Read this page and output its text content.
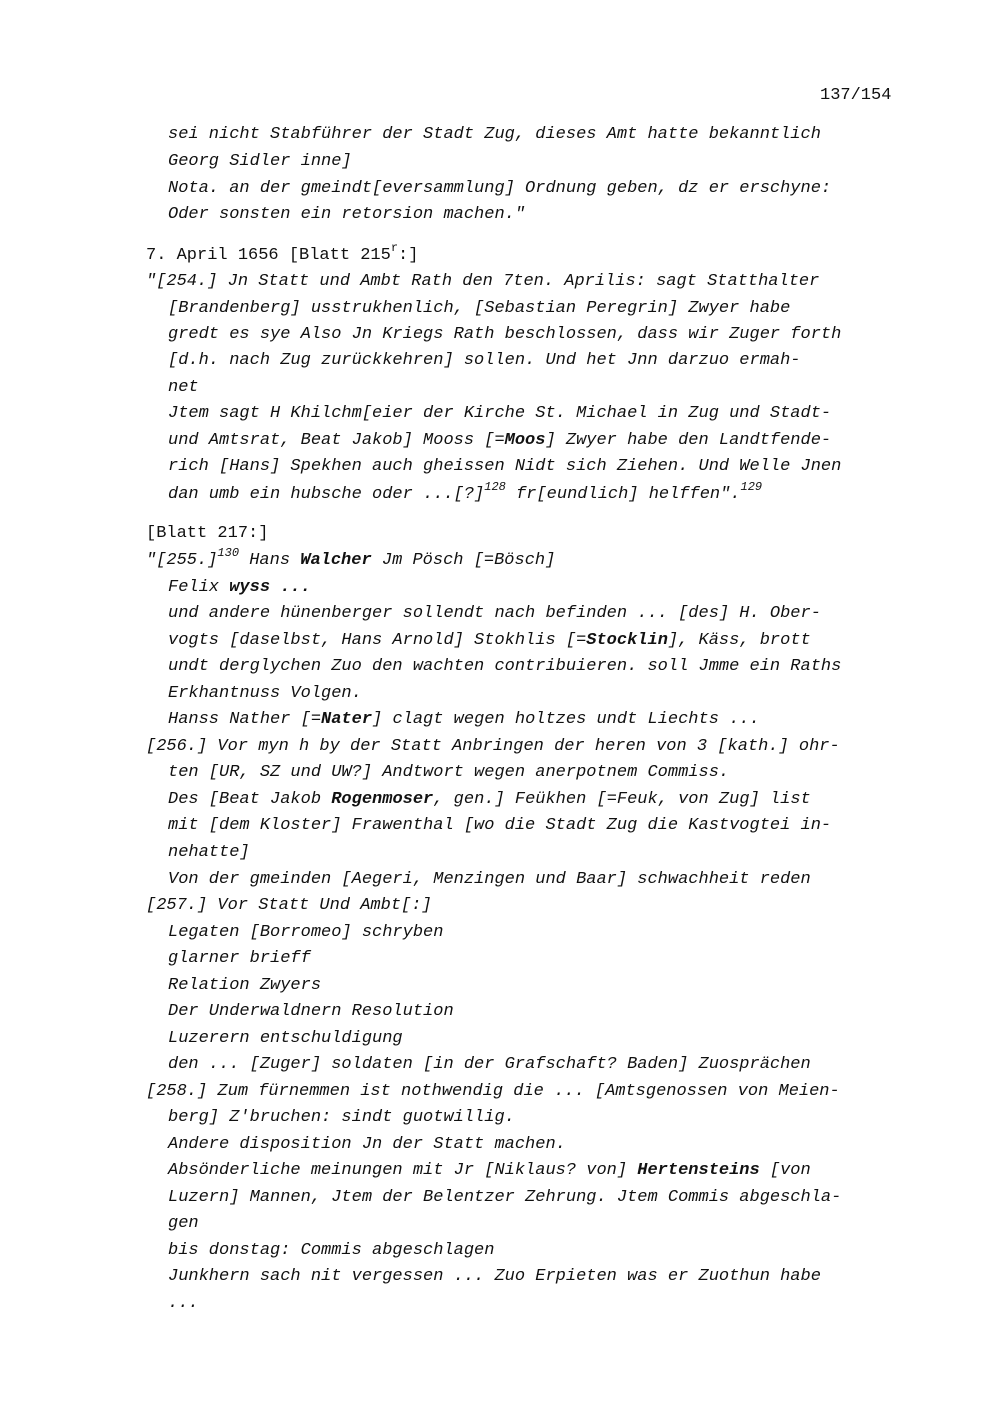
137/154
sei nicht Stabführer der Stadt Zug, dieses Amt hatte bekanntlich
Georg Sidler inne]
Nota. an der gmeindt[eversammlung] Ordnung geben, dz er erschyne:
Oder sonsten ein retorsion machen."
7. April 1656 [Blatt 215$^r$:]
"[254.] Jn Statt und Ambt Rath den 7ten. Aprilis: sagt Statthalter
[Brandenberg] usstrukhenlich, [Sebastian Peregrin] Zwyer habe
gredt es sye Also Jn Kriegs Rath beschlossen, dass wir Zuger forth
[d.h. nach Zug zurückkehren] sollen. Und het Jnn darzuo ermah-
net
Jtem sagt H Khilchm[eier der Kirche St. Michael in Zug und Stadt-
und Amtsrat, Beat Jakob] Mooss [=Moos] Zwyer habe den Landtfende-
rich [Hans] Spekhen auch gheissen Nidt sich Ziehen. Und Welle Jnen
dan umb ein hubsche oder ...[?]$^{128}$ fr[eundlich] helffen".$^{129}$
[Blatt 217:]
"$[255.]^{130}$ Hans Walcher Jm Pösch [=Bösch]
Felix wyss ...
und andere hünenberger sollendt nach befinden ... [des] H. Ober-
vogts [daselbst, Hans Arnold] Stokhlis [=Stocklin], Käss, brott
undt derglychen Zuo den wachten contribuieren. soll Jmme ein Raths
Erkhantnuss Volgen.
Hanss Nather [=Nater] clagt wegen holtzes undt Liechts ...
[256.] Vor myn h by der Statt Anbringen der heren von 3 [kath.] ohr-
ten [UR, SZ und UW?] Andtwort wegen anerpotnem Commiss.
Des [Beat Jakob Rogenmoser, gen.] Feükhen [=Feuk, von Zug] list
mit [dem Kloster] Frawenthal [wo die Stadt Zug die Kastvogtei in-
nehatte]
Von der gmeinden [Aegeri, Menzingen und Baar] schwachheit reden
[257.] Vor Statt Und Ambt[:]
Legaten [Borromeo] schryben
glarner brieff
Relation Zwyers
Der Underwaldnern Resolution
Luzerern entschuldigung
den ... [Zuger] soldaten [in der Grafschaft? Baden] Zuosprächen
[258.] Zum fürnemmen ist nothwendig die ... [Amtsgenossen von Meien-
berg] Z'bruchen: sindt guotwillig.
Andere disposition Jn der Statt machen.
Absönderliche meinungen mit Jr [Niklaus? von] Hertensteins [von
Luzern] Mannen, Jtem der Belentzer Zehrung. Jtem Commis abgeschla-
gen
bis donstag: Commis abgeschlagen
Junkhern sach nit vergessen ... Zuo Erpieten was er Zuothun habe
...
